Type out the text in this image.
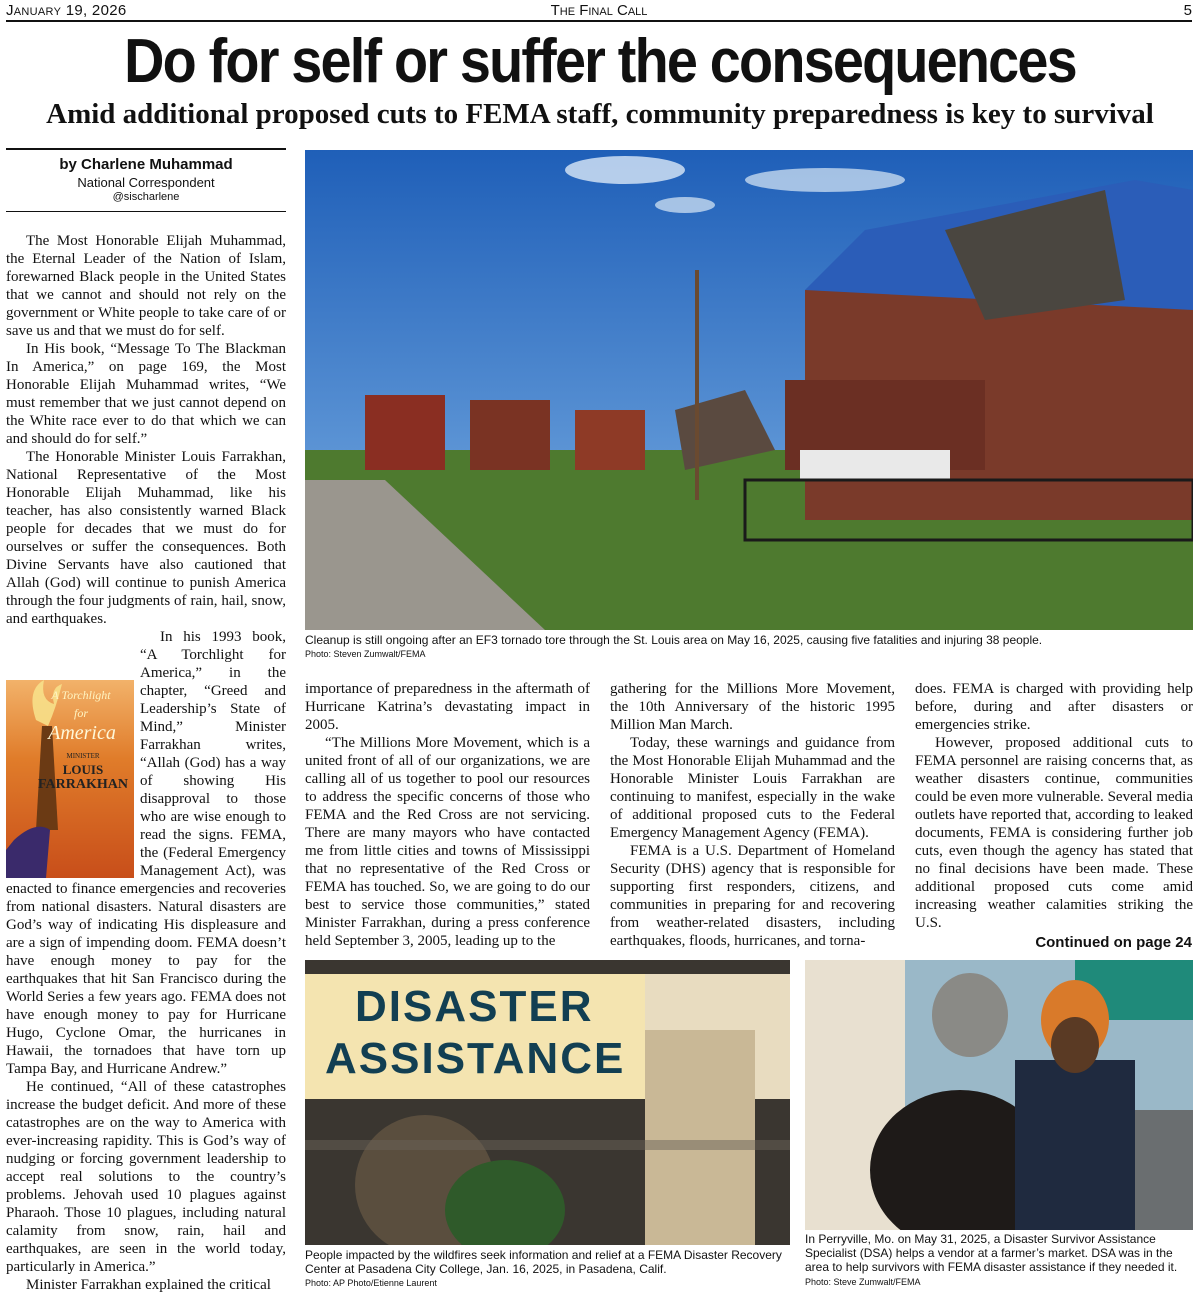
January 19, 2026	The Final Call	5
Do for self or suffer the consequences
Amid additional proposed cuts to FEMA staff, community preparedness is key to survival
by Charlene Muhammad
National Correspondent
@sischarlene

The Most Honorable Elijah Muhammad, the Eternal Leader of the Nation of Islam, forewarned Black people in the United States that we cannot and should not rely on the government or White people to take care of or save us and that we must do for self.

In His book, “Message To The Blackman In America,” on page 169, the Most Honorable Elijah Muhammad writes, “We must remember that we just cannot depend on the White race ever to do that which we can and should do for self.”

The Honorable Minister Louis Farrakhan, National Representative of the Most Honorable Elijah Muhammad, like his teacher, has also consistently warned Black people for decades that we must do for ourselves or suffer the consequences. Both Divine Servants have also cautioned that Allah (God) will continue to punish America through the four judgments of rain, hail, snow, and earthquakes.

In his 1993 book, “A Torchlight for America,” in the chapter, “Greed and Leadership’s State of Mind,” Minister Farrakhan writes, “Allah (God) has a way of showing His disapproval to those who are wise enough to read the signs. FEMA, the (Federal Emergency Management Act), was enacted to finance emergencies and recoveries from national disasters. Natural disasters are God’s way of indicating His displeasure and are a sign of impending doom. FEMA doesn’t have enough money to pay for the earthquakes that hit San Francisco during the World Series a few years ago. FEMA does not have enough money to pay for Hurricane Hugo, Cyclone Omar, the hurricanes in Hawaii, the tornadoes that have torn up Tampa Bay, and Hurricane Andrew.”

He continued, “All of these catastrophes increase the budget deficit. And more of these catastrophes are on the way to America with ever-increasing rapidity. This is God’s way of nudging or forcing government leadership to accept real solutions to the country’s problems. Jehovah used 10 plagues against Pharaoh. Those 10 plagues, including natural calamity from snow, rain, hail and earthquakes, are seen in the world today, particularly in America.”

Minister Farrakhan explained the critical

A Torchlight
for
America
MINISTER
LOUIS
FARRAKHAN
Cleanup is still ongoing after an EF3 tornado tore through the St. Louis area on May 16, 2025, causing five fatalities and injuring 38 people.
Photo: Steven Zumwalt/FEMA

importance of preparedness in the aftermath of Hurricane Katrina’s devastating impact in 2005.

“The Millions More Movement, which is a united front of all of our organizations, we are calling all of us together to pool our resources to address the specific concerns of those who FEMA and the Red Cross are not servicing. There are many mayors who have contacted me from little cities and towns of Mississippi that no representative of the Red Cross or FEMA has touched. So, we are going to do our best to service those communities,” stated Minister Farrakhan, during a press conference held September 3, 2005, leading up to the

gathering for the Millions More Movement, the 10th Anniversary of the historic 1995 Million Man March.

Today, these warnings and guidance from the Most Honorable Elijah Muhammad and the Honorable Minister Louis Farrakhan are continuing to manifest, especially in the wake of additional proposed cuts to the Federal Emergency Management Agency (FEMA).

FEMA is a U.S. Department of Homeland Security (DHS) agency that is responsible for supporting first responders, citizens, and communities in preparing for and recovering from weather-related disasters, including earthquakes, floods, hurricanes, and torna-

does. FEMA is charged with providing help before, during and after disasters or emergencies strike.

However, proposed additional cuts to FEMA personnel are raising concerns that, as weather disasters continue, communities could be even more vulnerable. Several media outlets have reported that, according to leaked documents, FEMA is considering further job cuts, even though the agency has stated that no final decisions have been made. These additional proposed cuts come amid increasing weather calamities striking the U.S.

Continued on page 24
DISASTER
ASSISTANCE
People impacted by the wildfires seek information and relief at a FEMA Disaster Recovery Center at Pasadena City College, Jan. 16, 2025, in Pasadena, Calif.
Photo: AP Photo/Etienne Laurent
In Perryville, Mo. on May 31, 2025, a Disaster Survivor Assistance Specialist (DSA) helps a vendor at a farmer’s market. DSA was in the area to help survivors with FEMA disaster assistance if they needed it. Photo: Steve Zumwalt/FEMA
